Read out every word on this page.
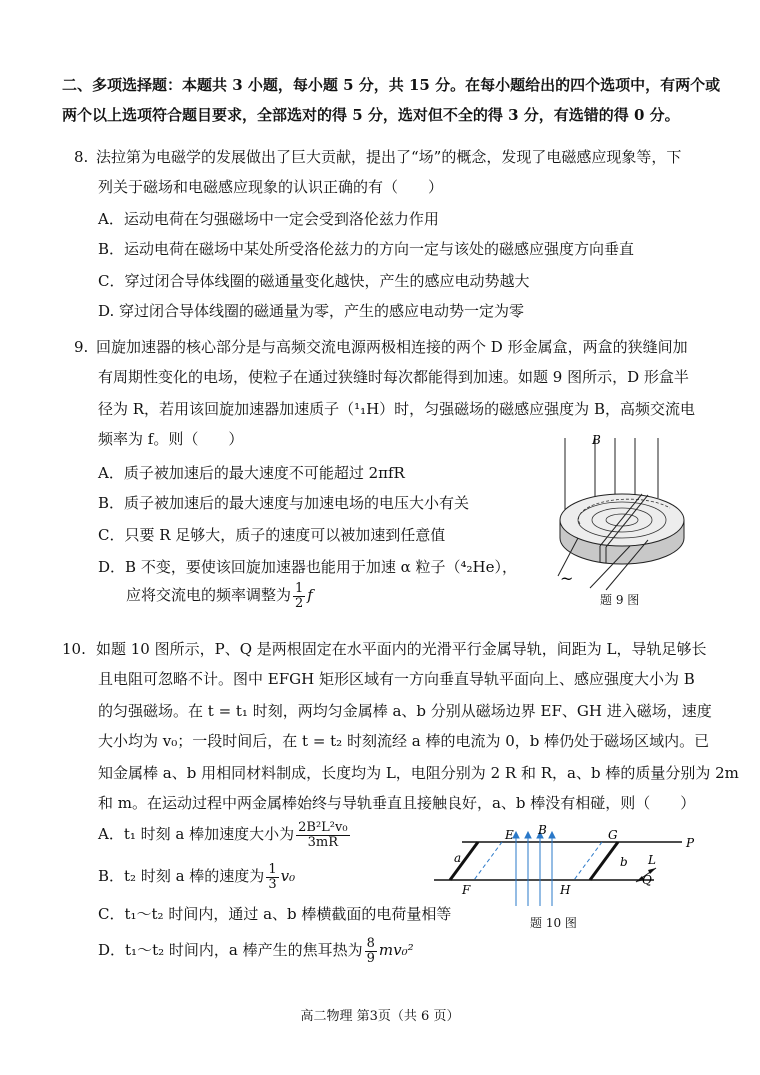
二、多项选择题：本题共 3 小题，每小题 5 分，共 15 分。在每小题给出的四个选项中，有两个或
两个以上选项符合题目要求，全部选对的得 5 分，选对但不全的得 3 分，有选错的得 0 分。
8. 法拉第为电磁学的发展做出了巨大贡献，提出了“场”的概念，发现了电磁感应现象等，下
列关于磁场和电磁感应现象的认识正确的有（　　）
A．运动电荷在匀强磁场中一定会受到洛伦兹力作用
B．运动电荷在磁场中某处所受洛伦兹力的方向一定与该处的磁感应强度方向垂直
C．穿过闭合导体线圈的磁通量变化越快，产生的感应电动势越大
D. 穿过闭合导体线圈的磁通量为零，产生的感应电动势一定为零
9. 回旋加速器的核心部分是与高频交流电源两极相连接的两个 D 形金属盒，两盒的狭缝间加
有周期性变化的电场，使粒子在通过狭缝时每次都能得到加速。如题 9 图所示，D 形盒半
径为 R，若用该回旋加速器加速质子（¹₁H）时，匀强磁场的磁感应强度为 B，高频交流电
频率为 f。则（　　）
A．质子被加速后的最大速度不可能超过 2πfR
B．质子被加速后的最大速度与加速电场的电压大小有关
C．只要 R 足够大，质子的速度可以被加速到任意值
D．B 不变，要使该回旋加速器也能用于加速 α 粒子（⁴₂He），
应将交流电的频率调整为 $\frac{1}{2}$ f
B
~
题 9 图
10. 如题 10 图所示，P、Q 是两根固定在水平面内的光滑平行金属导轨，间距为 L，导轨足够长
且电阻可忽略不计。图中 EFGH 矩形区域有一方向垂直导轨平面向上、感应强度大小为 B
的匀强磁场。在 t = t₁ 时刻，两均匀金属棒 a、b 分别从磁场边界 EF、GH 进入磁场，速度
大小均为 v₀；一段时间后，在 t = t₂ 时刻流经 a 棒的电流为 0，b 棒仍处于磁场区域内。已
知金属棒 a、b 用相同材料制成，长度均为 L，电阻分别为 2 R 和 R，a、b 棒的质量分别为 2m
和 m。在运动过程中两金属棒始终与导轨垂直且接触良好，a、b 棒没有相碰，则（　　）
A．t₁ 时刻 a 棒加速度大小为 $\frac{\text{2B²L²v₀}}{3mR}$
B．t₂ 时刻 a 棒的速度为 $\frac{1}{3} v_0$
C．t₁～t₂ 时间内，通过 a、b 棒横截面的电荷量相等
D．t₁～t₂ 时间内，a 棒产生的焦耳热为 $\frac{8}{9} mv_0^2$
E B	G
P
a	b L
Q
F	H
题 10 图
高二物理 第3页（共 6 页）
